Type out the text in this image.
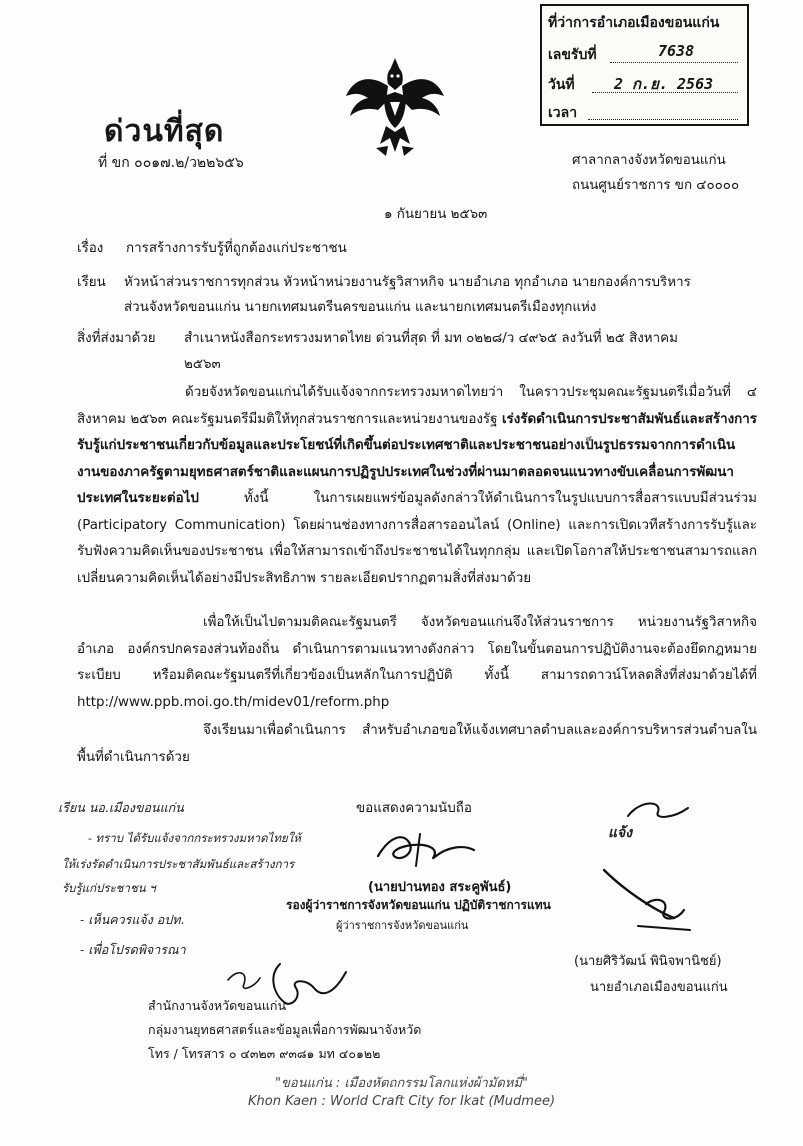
ที่ว่าการอำเภอเมืองขอนแก่น
เลขรับที่	7638
วันที่	2 ก.ย. 2563
เวลา
ด่วนที่สุด
ที่ ขก ๐๐๑๗.๒/ว๒๒๖๕๖	ศาลากลางจังหวัดขอนแก่น
ถนนศูนย์ราชการ ขก ๔๐๐๐๐
๑ กันยายน ๒๕๖๓
เรื่อง การสร้างการรับรู้ที่ถูกต้องแก่ประชาชน
เรียน หัวหน้าส่วนราชการทุกส่วน หัวหน้าหน่วยงานรัฐวิสาหกิจ นายอำเภอ ทุกอำเภอ นายกองค์การบริหาร
ส่วนจังหวัดขอนแก่น นายกเทศมนตรีนครขอนแก่น และนายกเทศมนตรีเมืองทุกแห่ง
สิ่งที่ส่งมาด้วย สำเนาหนังสือกระทรวงมหาดไทย ด่วนที่สุด ที่ มท ๐๒๒๘/ว ๔๙๖๕ ลงวันที่ ๒๕ สิงหาคม
๒๕๖๓
ด้วยจังหวัดขอนแก่นได้รับแจ้งจากกระทรวงมหาดไทยว่า ในคราวประชุมคณะรัฐมนตรีเมื่อวันที่ ๔ สิงหาคม ๒๕๖๓ คณะรัฐมนตรีมีมติให้ทุกส่วนราชการและหน่วยงานของรัฐ เร่งรัดดำเนินการประชาสัมพันธ์และสร้างการรับรู้แก่ประชาชนเกี่ยวกับข้อมูลและประโยชน์ที่เกิดขึ้นต่อประเทศชาติและประชาชนอย่างเป็นรูปธรรมจากการดำเนินงานของภาครัฐตามยุทธศาสตร์ชาติและแผนการปฏิรูปประเทศในช่วงที่ผ่านมาตลอดจนแนวทางขับเคลื่อนการพัฒนาประเทศในระยะต่อไป ทั้งนี้ ในการเผยแพร่ข้อมูลดังกล่าวให้ดำเนินการในรูปแบบการสื่อสารแบบมีส่วนร่วม (Participatory Communication) โดยผ่านช่องทางการสื่อสารออนไลน์ (Online) และการเปิดเวทีสร้างการรับรู้และรับฟังความคิดเห็นของประชาชน เพื่อให้สามารถเข้าถึงประชาชนได้ในทุกกลุ่ม และเปิดโอกาสให้ประชาชนสามารถแลกเปลี่ยนความคิดเห็นได้อย่างมีประสิทธิภาพ รายละเอียดปรากฏตามสิ่งที่ส่งมาด้วย
เพื่อให้เป็นไปตามมติคณะรัฐมนตรี จังหวัดขอนแก่นจึงให้ส่วนราชการ หน่วยงานรัฐวิสาหกิจ อำเภอ องค์กรปกครองส่วนท้องถิ่น ดำเนินการตามแนวทางดังกล่าว โดยในขั้นตอนการปฏิบัติงานจะต้องยึดกฎหมาย ระเบียบ หรือมติคณะรัฐมนตรีที่เกี่ยวข้องเป็นหลักในการปฏิบัติ ทั้งนี้ สามารถดาวน์โหลดสิ่งที่ส่งมาด้วยได้ที่ http://www.ppb.moi.go.th/midev01/reform.php
จึงเรียนมาเพื่อดำเนินการ สำหรับอำเภอขอให้แจ้งเทศบาลตำบลและองค์การบริหารส่วนตำบลในพื้นที่ดำเนินการด้วย
ขอแสดงความนับถือ
(นายปานทอง สระคูพันธ์)
รองผู้ว่าราชการจังหวัดขอนแก่น ปฏิบัติราชการแทน
ผู้ว่าราชการจังหวัดขอนแก่น
เรียน นอ.เมืองขอนแก่น
- ทราบ ได้รับแจ้งจากกระทรวงมหาดไทยให้
ให้เร่งรัดดำเนินการประชาสัมพันธ์และสร้างการ
รับรู้แก่ประชาชน ฯ
- เห็นควรแจ้ง อปท.
- เพื่อโปรดพิจารณา
แจ้ง
(นายศิริวัฒน์ พินิจพานิชย์)
นายอำเภอเมืองขอนแก่น
สำนักงานจังหวัดขอนแก่น
กลุ่มงานยุทธศาสตร์และข้อมูลเพื่อการพัฒนาจังหวัด
โทร / โทรสาร ๐ ๔๓๒๓ ๙๓๘๑ มท ๔๐๑๒๒
"ขอนแก่น : เมืองหัตถกรรมโลกแห่งผ้ามัดหมี่"
Khon Kaen : World Craft City for Ikat (Mudmee)
